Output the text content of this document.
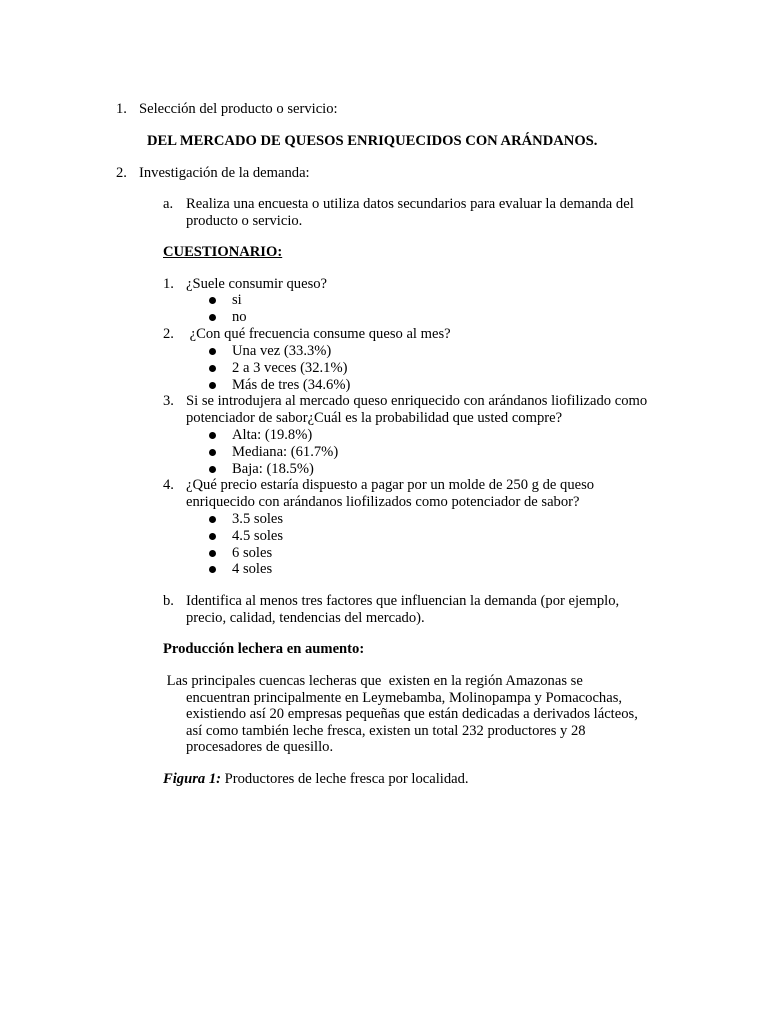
1. Selección del producto o servicio:
DEL MERCADO DE QUESOS ENRIQUECIDOS CON ARÁNDANOS.
2. Investigación de la demanda:
a. Realiza una encuesta o utiliza datos secundarios para evaluar la demanda del
producto o servicio.
CUESTIONARIO:
1. ¿Suele consumir queso?
si
no
2. ¿Con qué frecuencia consume queso al mes?
Una vez (33.3%)
2 a 3 veces (32.1%)
Más de tres (34.6%)
3. Si se introdujera al mercado queso enriquecido con arándanos liofilizado como
potenciador de sabor¿Cuál es la probabilidad que usted compre?
Alta: (19.8%)
Mediana: (61.7%)
Baja: (18.5%)
4. ¿Qué precio estaría dispuesto a pagar por un molde de 250 g de queso
enriquecido con arándanos liofilizados como potenciador de sabor?
3.5 soles
4.5 soles
6 soles
4 soles
b. Identifica al menos tres factores que influencian la demanda (por ejemplo,
precio, calidad, tendencias del mercado).
Producción lechera en aumento:
Las principales cuencas lecheras que  existen en la región Amazonas se
encuentran principalmente en Leymebamba, Molinopampa y Pomacochas,
existiendo así 20 empresas pequeñas que están dedicadas a derivados lácteos,
así como también leche fresca, existen un total 232 productores y 28
procesadores de quesillo.
Figura 1: Productores de leche fresca por localidad.
